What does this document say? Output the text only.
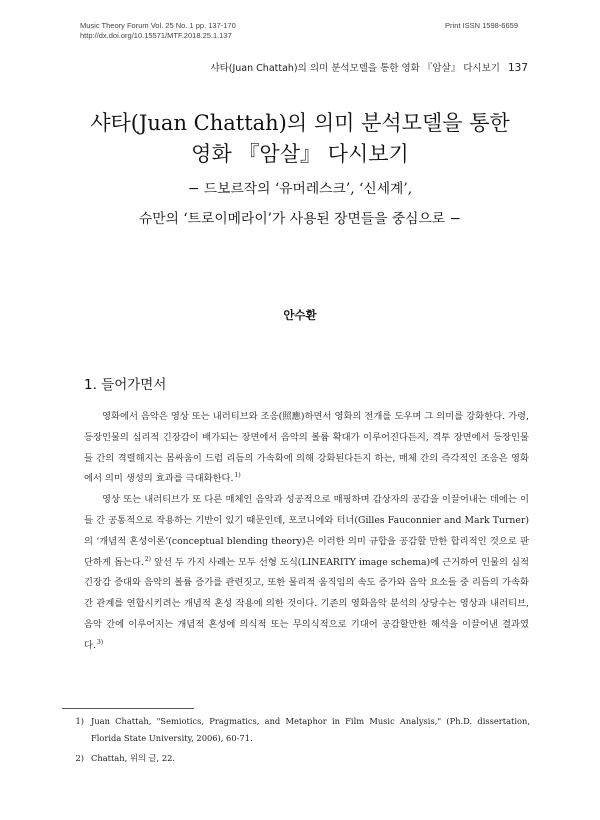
Music Theory Forum Vol. 25 No. 1 pp. 137-170
http://dx.doi.org/10.15571/MTF.2018.25.1.137
Print ISSN 1598-6659
샤타(Juan Chattah)의 의미 분석모델을 통한 영화 『암살』 다시보기 137
샤타(Juan Chattah)의 의미 분석모델을 통한
영화 『암살』 다시보기
− 드보르작의 ‘유머레스크’, ‘신세계’,
슈만의 ‘트로이메라이’가 사용된 장면들을 중심으로 −
안수환
1. 들어가면서

영화에서 음악은 영상 또는 내러티브와 조응(照應)하면서 영화의 전개를 도우며 그 의미를 강화한다. 가령, 등장인물의 심리적 긴장감이 배가되는 장면에서 음악의 볼륨 확대가 이루어진다든지, 격투 장면에서 등장인물들 간의 격렬해지는 몸싸움이 드럼 리듬의 가속화에 의해 강화된다든지 하는, 매체 간의 즉각적인 조응은 영화에서 의미 생성의 효과를 극대화한다.$^{1)}$

영상 또는 내러티브가 또 다른 매체인 음악과 성공적으로 매핑하며 감상자의 공감을 이끌어내는 데에는 이들 간 공통적으로 작용하는 기반이 있기 때문인데, 포코니에와 터너(Gilles Fauconnier and Mark Turner)의 ‘개념적 혼성이론’(conceptual blending theory)은 이러한 의미 규합을 공감할 만한 합리적인 것으로 판단하게 돕는다.$^{2)}$ 앞선 두 가지 사례는 모두 선형 도식(LINEARITY image schema)에 근거하여 인물의 심적 긴장감 증대와 음악의 볼륨 증가를 관련짓고, 또한 물리적 움직임의 속도 증가와 음악 요소들 중 리듬의 가속화 간 관계를 연합시키려는 개념적 혼성 작용에 의한 것이다. 기존의 영화음악 분석의 상당수는 영상과 내러티브, 음악 간에 이루어지는 개념적 혼성에 의식적 또는 무의식적으로 기대어 공감할만한 해석을 이끌어낸 결과였다.$^{3)}$

1) Juan Chattah, "Semiotics, Pragmatics, and Metaphor in Film Music Analysis," (Ph.D. dissertation, Florida State University, 2006), 60-71.
2) Chattah, 위의 글, 22.
